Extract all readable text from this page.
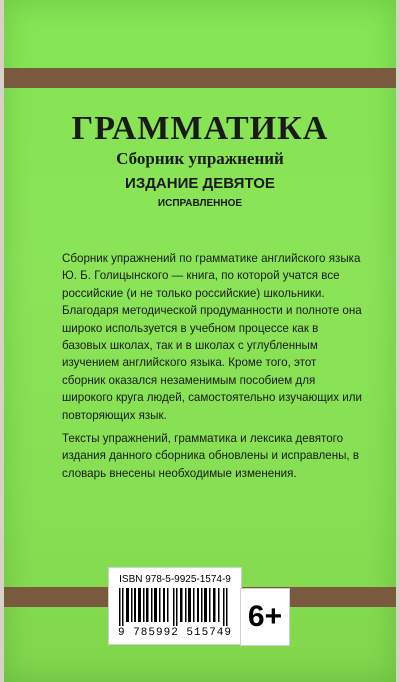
ГРАММАТИКА
Сборник упражнений
ИЗДАНИЕ ДЕВЯТОЕ
ИСПРАВЛЕННОЕ

Сборник упражнений по грамматике английского языка Ю. Б. Голицынского — книга, по которой учатся все российские (и не только российские) школьники. Благодаря методической продуманности и полноте она широко используется в учебном процессе как в базовых школах, так и в школах с углубленным изучением английского языка. Кроме того, этот сборник оказался незаменимым пособием для широкого круга людей, самостоятельно изучающих или повторяющих язык.

Тексты упражнений, грамматика и лексика девятого издания данного сборника обновлены и исправлены, в словарь внесены необходимые изменения.

ISBN 978-5-9925-1574-9
9 785992 515749 6+
